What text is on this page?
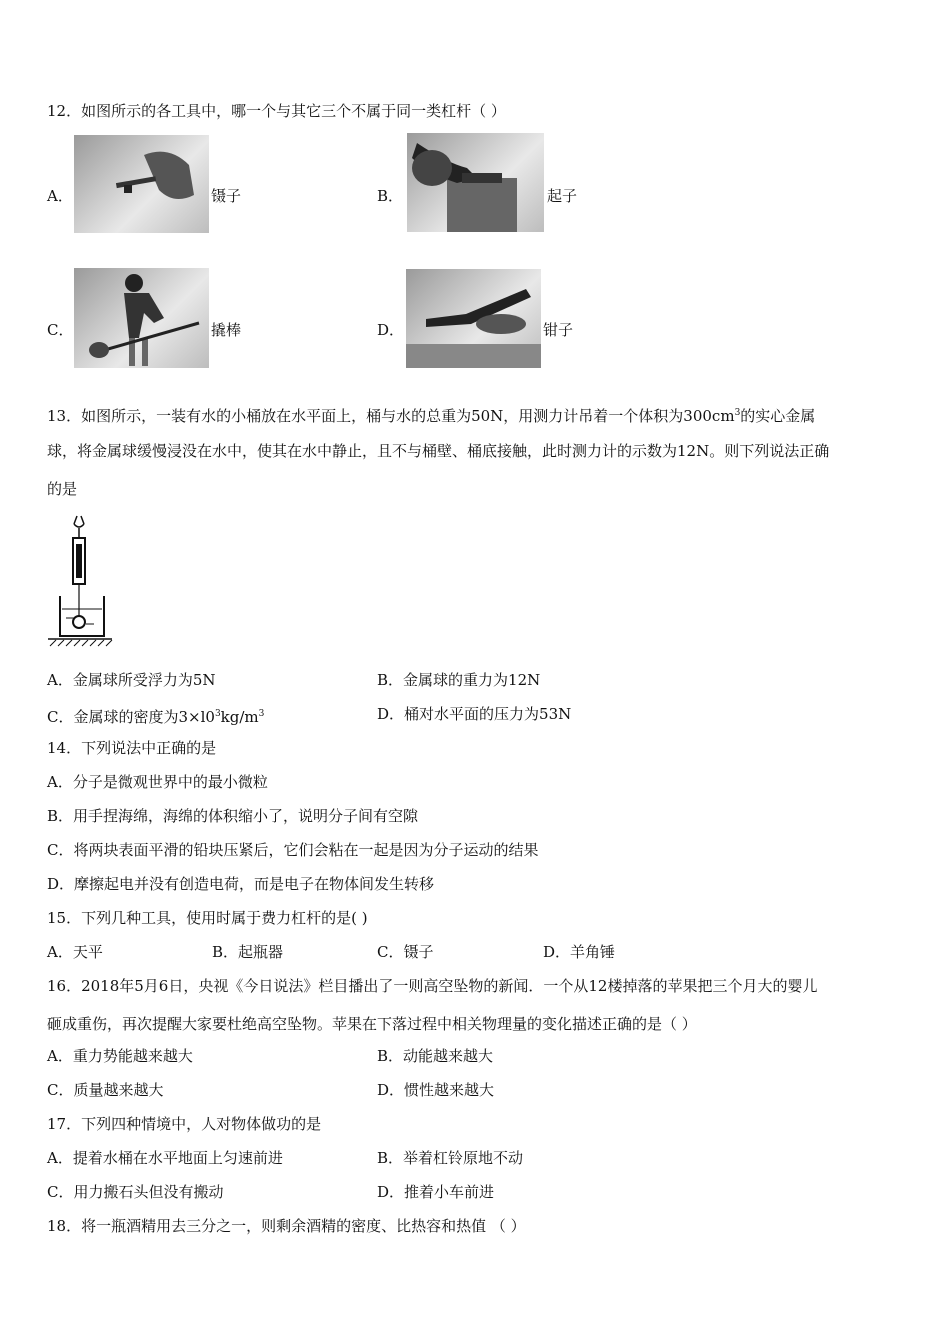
12．如图所示的各工具中，哪一个与其它三个不属于同一类杠杆（ ）
A．	镊子	B．	起子
C．	撬棒	D．	钳子
13．如图所示，一装有水的小桶放在水平面上，桶与水的总重为50N，用测力计吊着一个体积为$300cm^3$的实心金属
球，将金属球缓慢浸没在水中，使其在水中静止，且不与桶壁、桶底接触，此时测力计的示数为12N。则下列说法正确
的是
A．金属球所受浮力为5N	B．金属球的重力为12N
C．金属球的密度为$3\times l0^3kg/m^3$	D．桶对水平面的压力为53N
14．下列说法中正确的是
A．分子是微观世界中的最小微粒
B．用手捏海绵，海绵的体积缩小了，说明分子间有空隙
C．将两块表面平滑的铅块压紧后，它们会粘在一起是因为分子运动的结果
D．摩擦起电并没有创造电荷，而是电子在物体间发生转移
15．下列几种工具，使用时属于费力杠杆的是( )
A．天平	B．起瓶器	C．镊子	D．羊角锤
16．2018年5月6日，央视《今日说法》栏目播出了一则高空坠物的新闻．一个从12楼掉落的苹果把三个月大的婴儿
砸成重伤，再次提醒大家要杜绝高空坠物。苹果在下落过程中相关物理量的变化描述正确的是（ ）
A．重力势能越来越大	B．动能越来越大
C．质量越来越大	D．惯性越来越大
17．下列四种情境中，人对物体做功的是
A．提着水桶在水平地面上匀速前进	B．举着杠铃原地不动
C．用力搬石头但没有搬动	D．推着小车前进
18．将一瓶酒精用去三分之一，则剩余酒精的密度、比热容和热值 （ ）
